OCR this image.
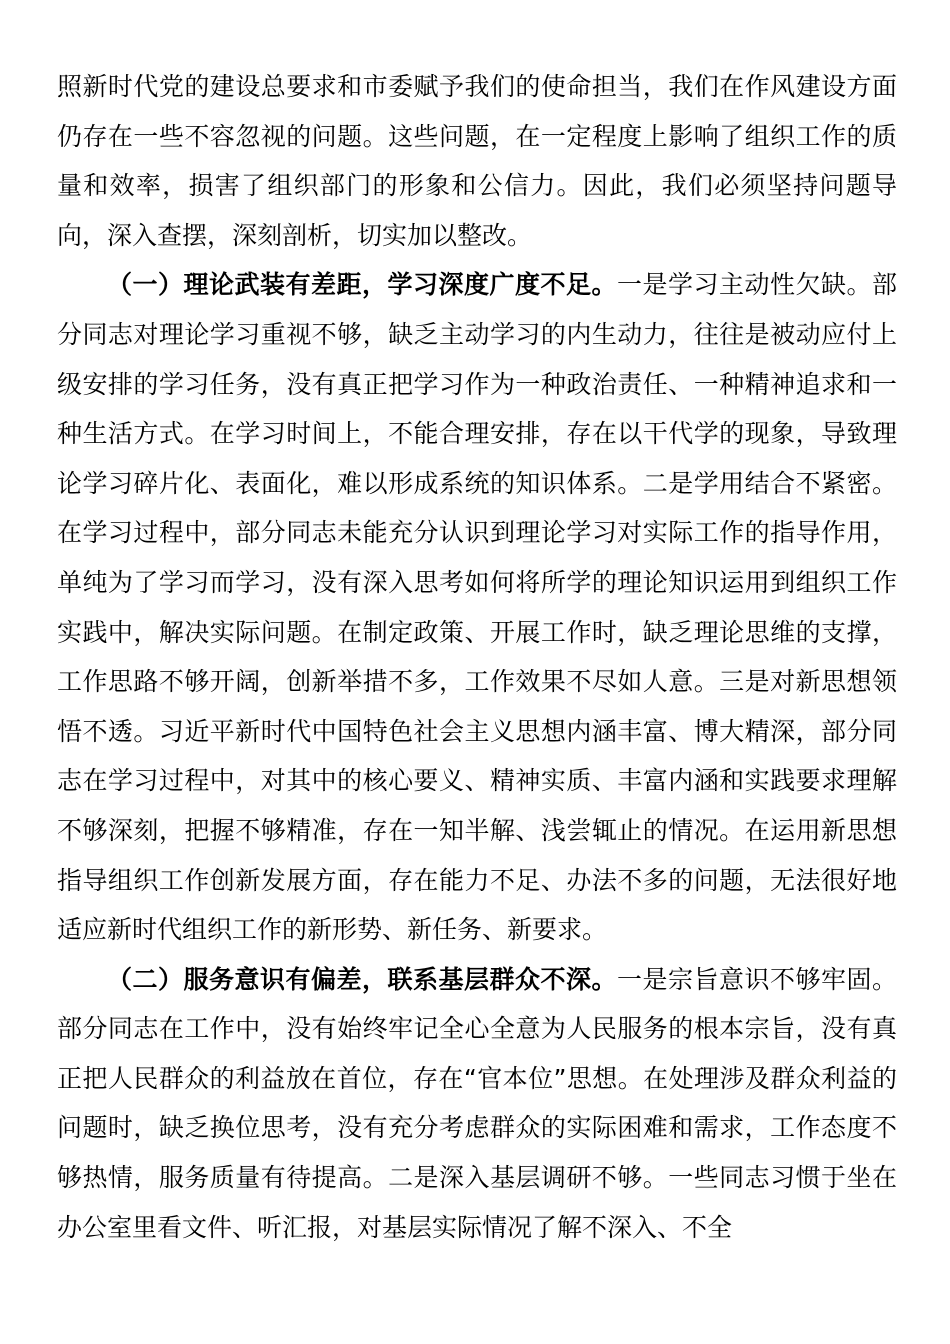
照新时代党的建设总要求和市委赋予我们的使命担当，我们在作风建设方面仍存在一些不容忽视的问题。这些问题，在一定程度上影响了组织工作的质量和效率，损害了组织部门的形象和公信力。因此，我们必须坚持问题导向，深入查摆，深刻剖析，切实加以整改。

（一）理论武装有差距，学习深度广度不足。一是学习主动性欠缺。部分同志对理论学习重视不够，缺乏主动学习的内生动力，往往是被动应付上级安排的学习任务，没有真正把学习作为一种政治责任、一种精神追求和一种生活方式。在学习时间上，不能合理安排，存在以干代学的现象，导致理论学习碎片化、表面化，难以形成系统的知识体系。二是学用结合不紧密。在学习过程中，部分同志未能充分认识到理论学习对实际工作的指导作用，单纯为了学习而学习，没有深入思考如何将所学的理论知识运用到组织工作实践中，解决实际问题。在制定政策、开展工作时，缺乏理论思维的支撑，工作思路不够开阔，创新举措不多，工作效果不尽如人意。三是对新思想领悟不透。习近平新时代中国特色社会主义思想内涵丰富、博大精深，部分同志在学习过程中，对其中的核心要义、精神实质、丰富内涵和实践要求理解不够深刻，把握不够精准，存在一知半解、浅尝辄止的情况。在运用新思想指导组织工作创新发展方面，存在能力不足、办法不多的问题，无法很好地适应新时代组织工作的新形势、新任务、新要求。

（二）服务意识有偏差，联系基层群众不深。一是宗旨意识不够牢固。部分同志在工作中，没有始终牢记全心全意为人民服务的根本宗旨，没有真正把人民群众的利益放在首位，存在“官本位”思想。在处理涉及群众利益的问题时，缺乏换位思考，没有充分考虑群众的实际困难和需求，工作态度不够热情，服务质量有待提高。二是深入基层调研不够。一些同志习惯于坐在办公室里看文件、听汇报，对基层实际情况了解不深入、不全
